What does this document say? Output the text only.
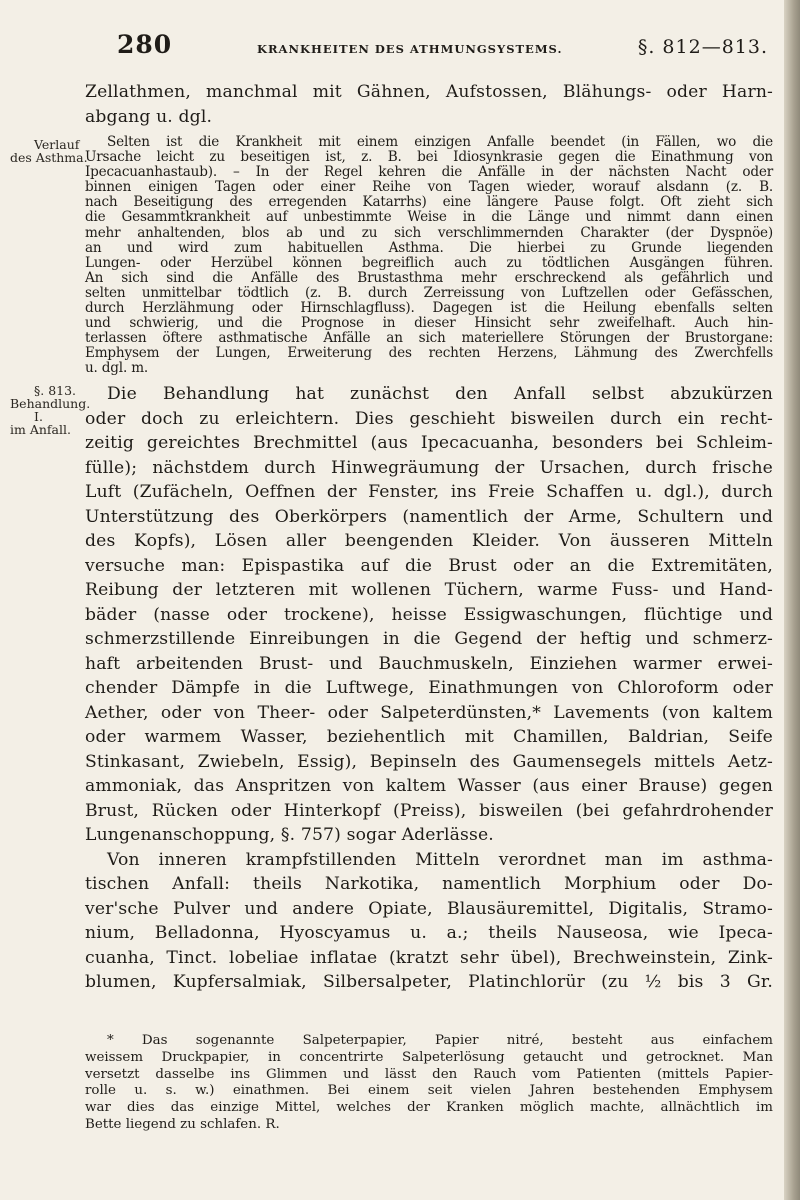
280	KRANKHEITEN DES ATHMUNGSYSTEMS.	§. 812—813.
Zellathmen, manchmal mit Gähnen, Aufstossen, Blähungs- oder Harn-
abgang u. dgl.
Verlauf
des Asthma.
Selten ist die Krankheit mit einem einzigen Anfalle beendet (in Fällen, wo die
Ursache leicht zu beseitigen ist, z. B. bei Idiosynkrasie gegen die Einathmung von
Ipecacuanhastaub). – In der Regel kehren die Anfälle in der nächsten Nacht oder
binnen einigen Tagen oder einer Reihe von Tagen wieder, worauf alsdann (z. B.
nach Beseitigung des erregenden Katarrhs) eine längere Pause folgt. Oft zieht sich
die Gesammtkrankheit auf unbestimmte Weise in die Länge und nimmt dann einen
mehr anhaltenden, blos ab und zu sich verschlimmernden Charakter (der Dyspnöe)
an und wird zum habituellen Asthma. Die hierbei zu Grunde liegenden
Lungen- oder Herzübel können begreiflich auch zu tödtlichen Ausgängen führen.
An sich sind die Anfälle des Brustasthma mehr erschreckend als gefährlich und
selten unmittelbar tödtlich (z. B. durch Zerreissung von Luftzellen oder Gefässchen,
durch Herzlähmung oder Hirnschlagfluss). Dagegen ist die Heilung ebenfalls selten
und schwierig, und die Prognose in dieser Hinsicht sehr zweifelhaft. Auch hin-
terlassen öftere asthmatische Anfälle an sich materiellere Störungen der Brustorgane:
Emphysem der Lungen, Erweiterung des rechten Herzens, Lähmung des Zwerchfells
u. dgl. m.
§. 813.
Behandlung.
I.
im Anfall.
Die Behandlung hat zunächst den Anfall selbst abzukürzen
oder doch zu erleichtern. Dies geschieht bisweilen durch ein recht-
zeitig gereichtes Brechmittel (aus Ipecacuanha, besonders bei Schleim-
fülle); nächstdem durch Hinwegräumung der Ursachen, durch frische
Luft (Zufächeln, Oeffnen der Fenster, ins Freie Schaffen u. dgl.), durch
Unterstützung des Oberkörpers (namentlich der Arme, Schultern und
des Kopfs), Lösen aller beengenden Kleider. Von äusseren Mitteln
versuche man: Epispastika auf die Brust oder an die Extremitäten,
Reibung der letzteren mit wollenen Tüchern, warme Fuss- und Hand-
bäder (nasse oder trockene), heisse Essigwaschungen, flüchtige und
schmerzstillende Einreibungen in die Gegend der heftig und schmerz-
haft arbeitenden Brust- und Bauchmuskeln, Einziehen warmer erwei-
chender Dämpfe in die Luftwege, Einathmungen von Chloroform oder
Aether, oder von Theer- oder Salpeterdünsten,* Lavements (von kaltem
oder warmem Wasser, beziehentlich mit Chamillen, Baldrian, Seife
Stinkasant, Zwiebeln, Essig), Bepinseln des Gaumensegels mittels Aetz-
ammoniak, das Anspritzen von kaltem Wasser (aus einer Brause) gegen
Brust, Rücken oder Hinterkopf (Preiss), bisweilen (bei gefahrdrohender
Lungenanschoppung, §. 757) sogar Aderlässe.
Von inneren krampfstillenden Mitteln verordnet man im asthma-
tischen Anfall: theils Narkotika, namentlich Morphium oder Do-
ver'sche Pulver und andere Opiate, Blausäuremittel, Digitalis, Stramo-
nium, Belladonna, Hyoscyamus u. a.; theils Nauseosa, wie Ipeca-
cuanha, Tinct. lobeliae inflatae (kratzt sehr übel), Brechweinstein, Zink-
blumen, Kupfersalmiak, Silbersalpeter, Platinchlorür (zu ½ bis 3 Gr.
* Das sogenannte Salpeterpapier, Papier nitré, besteht aus einfachem
weissem Druckpapier, in concentrirte Salpeterlösung getaucht und getrocknet. Man
versetzt dasselbe ins Glimmen und lässt den Rauch vom Patienten (mittels Papier-
rolle u. s. w.) einathmen. Bei einem seit vielen Jahren bestehenden Emphysem
war dies das einzige Mittel, welches der Kranken möglich machte, allnächtlich im
Bette liegend zu schlafen. R.
